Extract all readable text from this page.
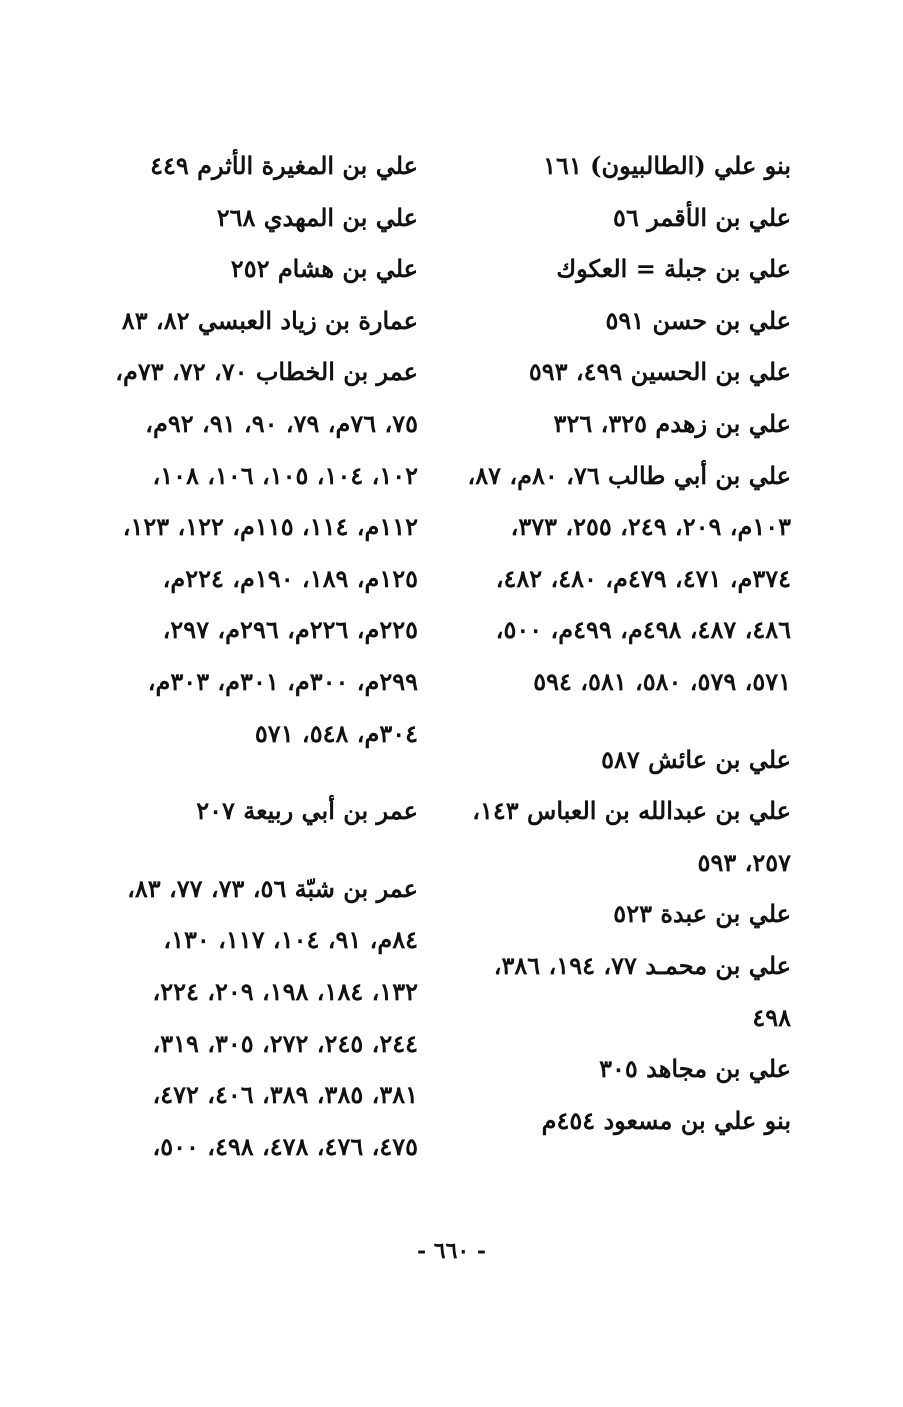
بنو علي (الطالبيون) ١٦١
علي بن الأقمر ٥٦
علي بن جبلة = العكوك
علي بن حسن ٥٩١
علي بن الحسين ٤٩٩، ٥٩٣
علي بن زهدم ٣٢٥، ٣٢٦
علي بن أبي طالب ٧٦، ٨٠م، ٨٧،
١٠٣م، ٢٠٩، ٢٤٩، ٢٥٥، ٣٧٣،
٣٧٤م، ٤٧١، ٤٧٩م، ٤٨٠، ٤٨٢،
٤٨٦، ٤٨٧، ٤٩٨م، ٤٩٩م، ٥٠٠،
٥٧١، ٥٧٩، ٥٨٠، ٥٨١، ٥٩٤
علي بن عائش ٥٨٧
علي بن عبدالله بن العباس ١٤٣،
٢٥٧، ٥٩٣
علي بن عبدة ٥٢٣
علي بن محمـد ٧٧، ١٩٤، ٣٨٦،
٤٩٨
علي بن مجاهد ٣٠٥
بنو علي بن مسعود ٤٥٤م
علي بن المغيرة الأثرم ٤٤٩
علي بن المهدي ٢٦٨
علي بن هشام ٢٥٢
عمارة بن زياد العبسي ٨٢، ٨٣
عمر بن الخطاب ٧٠، ٧٢، ٧٣م،
٧٥، ٧٦م، ٧٩، ٩٠، ٩١، ٩٢م،
١٠٢، ١٠٤، ١٠٥، ١٠٦، ١٠٨،
١١٢م، ١١٤، ١١٥م، ١٢٢، ١٢٣،
١٢٥م، ١٨٩، ١٩٠م، ٢٢٤م،
٢٢٥م، ٢٢٦م، ٢٩٦م، ٢٩٧،
٢٩٩م، ٣٠٠م، ٣٠١م، ٣٠٣م،
٣٠٤م، ٥٤٨، ٥٧١
عمر بن أبي ربيعة ٢٠٧
عمر بن شبّة ٥٦، ٧٣، ٧٧، ٨٣،
٨٤م، ٩١، ١٠٤، ١١٧، ١٣٠،
١٣٢، ١٨٤، ١٩٨، ٢٠٩، ٢٢٤،
٢٤٤، ٢٤٥، ٢٧٢، ٣٠٥، ٣١٩،
٣٨١، ٣٨٥، ٣٨٩، ٤٠٦، ٤٧٢،
٤٧٥، ٤٧٦، ٤٧٨، ٤٩٨، ٥٠٠،
- ٦٦٠ -
